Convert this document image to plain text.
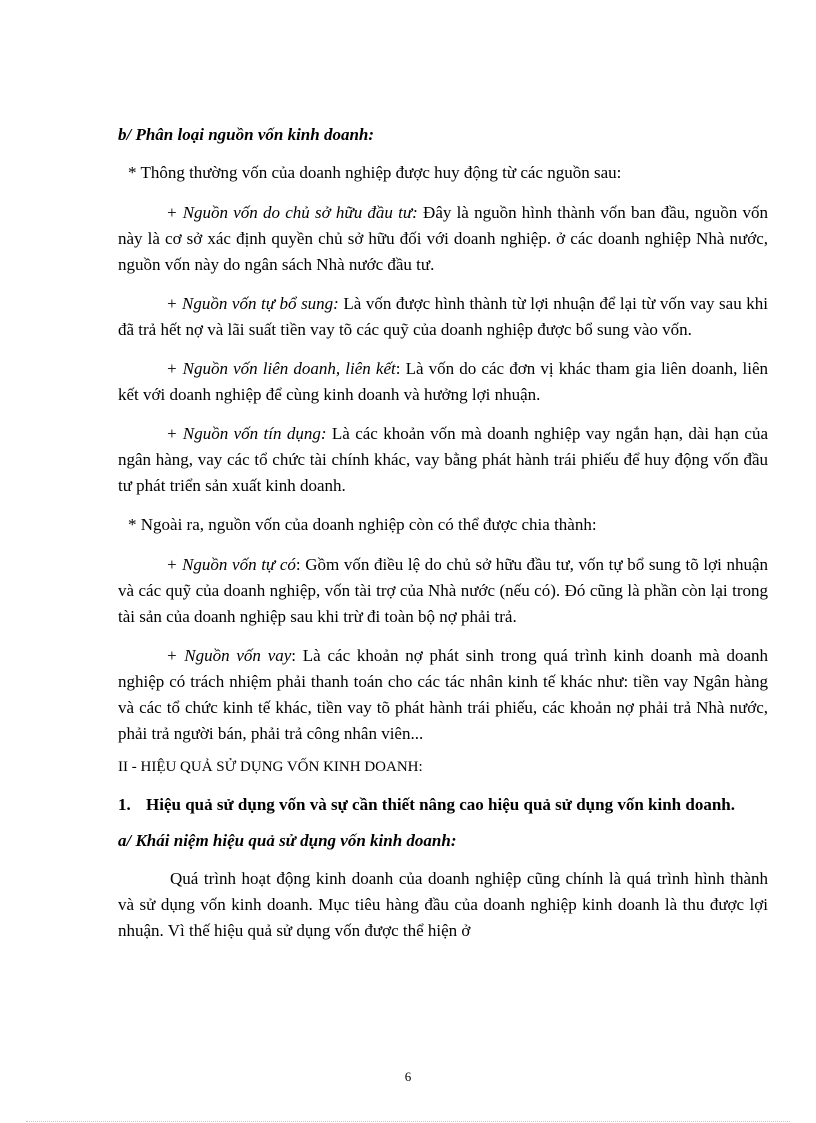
b/ Phân loại nguồn vốn kinh doanh:

* Thông thường vốn của doanh nghiệp được huy động từ các nguồn sau:

+ Nguồn vốn do chủ sở hữu đầu tư: Đây là nguồn hình thành vốn ban đầu, nguồn vốn này là cơ sở xác định quyền chủ sở hữu đối với doanh nghiệp. ở các doanh nghiệp Nhà nước, nguồn vốn này do ngân sách Nhà nước đầu tư.

+ Nguồn vốn tự bổ sung: Là vốn được hình thành từ lợi nhuận để lại từ vốn vay sau khi đã trả hết nợ và lãi suất tiền vay tõ các quỹ của doanh nghiệp được bổ sung vào vốn.

+ Nguồn vốn liên doanh, liên kết: Là vốn do các đơn vị khác tham gia liên doanh, liên kết với doanh nghiệp để cùng kinh doanh và hưởng lợi nhuận.

+ Nguồn vốn tín dụng: Là các khoản vốn mà doanh nghiệp vay ngắn hạn, dài hạn của ngân hàng, vay các tổ chức tài chính khác, vay bằng phát hành trái phiếu để huy động vốn đầu tư phát triển sản xuất kinh doanh.

* Ngoài ra, nguồn vốn của doanh nghiệp còn có thể được chia thành:

+ Nguồn vốn tự có: Gồm vốn điều lệ do chủ sở hữu đầu tư, vốn tự bổ sung tõ lợi nhuận và các quỹ của doanh nghiệp, vốn tài trợ của Nhà nước (nếu có). Đó cũng là phần còn lại trong tài sản của doanh nghiệp sau khi trừ đi toàn bộ nợ phải trả.

+ Nguồn vốn vay: Là các khoản nợ phát sinh trong quá trình kinh doanh mà doanh nghiệp có trách nhiệm phải thanh toán cho các tác nhân kinh tế khác như: tiền vay Ngân hàng và các tổ chức kinh tế khác, tiền vay tõ phát hành trái phiếu, các khoản nợ phải trả Nhà nước, phải trả người bán, phải trả công nhân viên...

II - HIỆU QUẢ SỬ DỤNG VỐN KINH DOANH:

1. Hiệu quả sử dụng vốn và sự cần thiết nâng cao hiệu quả sử dụng vốn kinh doanh.

a/ Khái niệm hiệu quả sử dụng vốn kinh doanh:

Quá trình hoạt động kinh doanh của doanh nghiệp cũng chính là quá trình hình thành và sử dụng vốn kinh doanh. Mục tiêu hàng đầu của doanh nghiệp kinh doanh là thu được lợi nhuận. Vì thế hiệu quả sử dụng vốn được thể hiện ở

6
